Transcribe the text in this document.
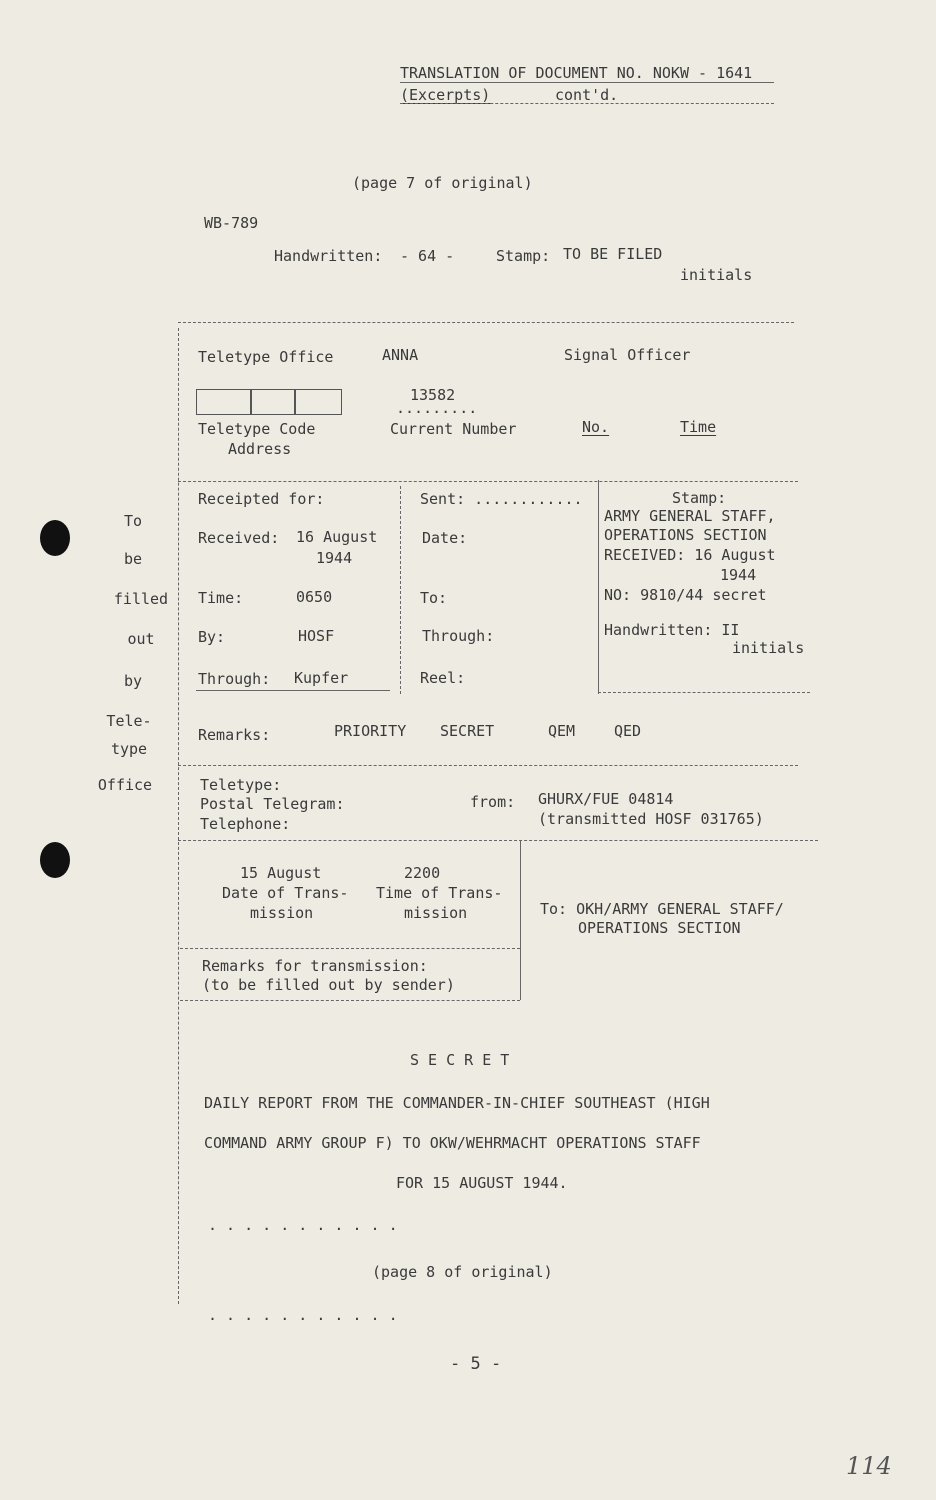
TRANSLATION OF DOCUMENT NO. NOKW - 1641
(Excerpts)	cont'd.
(page 7 of original)
WB-789
Handwritten: - 64 -	Stamp: TO BE FILED
initials
To
be
filled
out
by
Tele-
type
Office
Teletype Office	ANNA	Signal Officer
13582
.........
Teletype Code
Address
Current Number	No.	Time
Receipted for:
Received: 16 August
1944
Time:	0650
By:	HOSF
Through: Kupfer
Sent: ............
Date:
To:
Through:
Reel:
Stamp:
ARMY GENERAL STAFF,
OPERATIONS SECTION
RECEIVED: 16 August
1944
NO: 9810/44 secret
Handwritten: II
initials
Remarks:	PRIORITY SECRET	QEM	QED
Teletype:
Postal Telegram:
Telephone:
from: GHURX/FUE 04814
(transmitted HOSF 031765)
15 August
Date of Trans-
mission
2200
Time of Trans-
mission	To: OKH/ARMY GENERAL STAFF/
OPERATIONS SECTION
Remarks for transmission:
(to be filled out by sender)
S E C R E T
DAILY REPORT FROM THE COMMANDER-IN-CHIEF SOUTHEAST (HIGH
COMMAND ARMY GROUP F) TO OKW/WEHRMACHT OPERATIONS STAFF
FOR 15 AUGUST 1944.
. . . . . . . . . . .
(page 8 of original)
. . . . . . . . . . .
- 5 -
114
